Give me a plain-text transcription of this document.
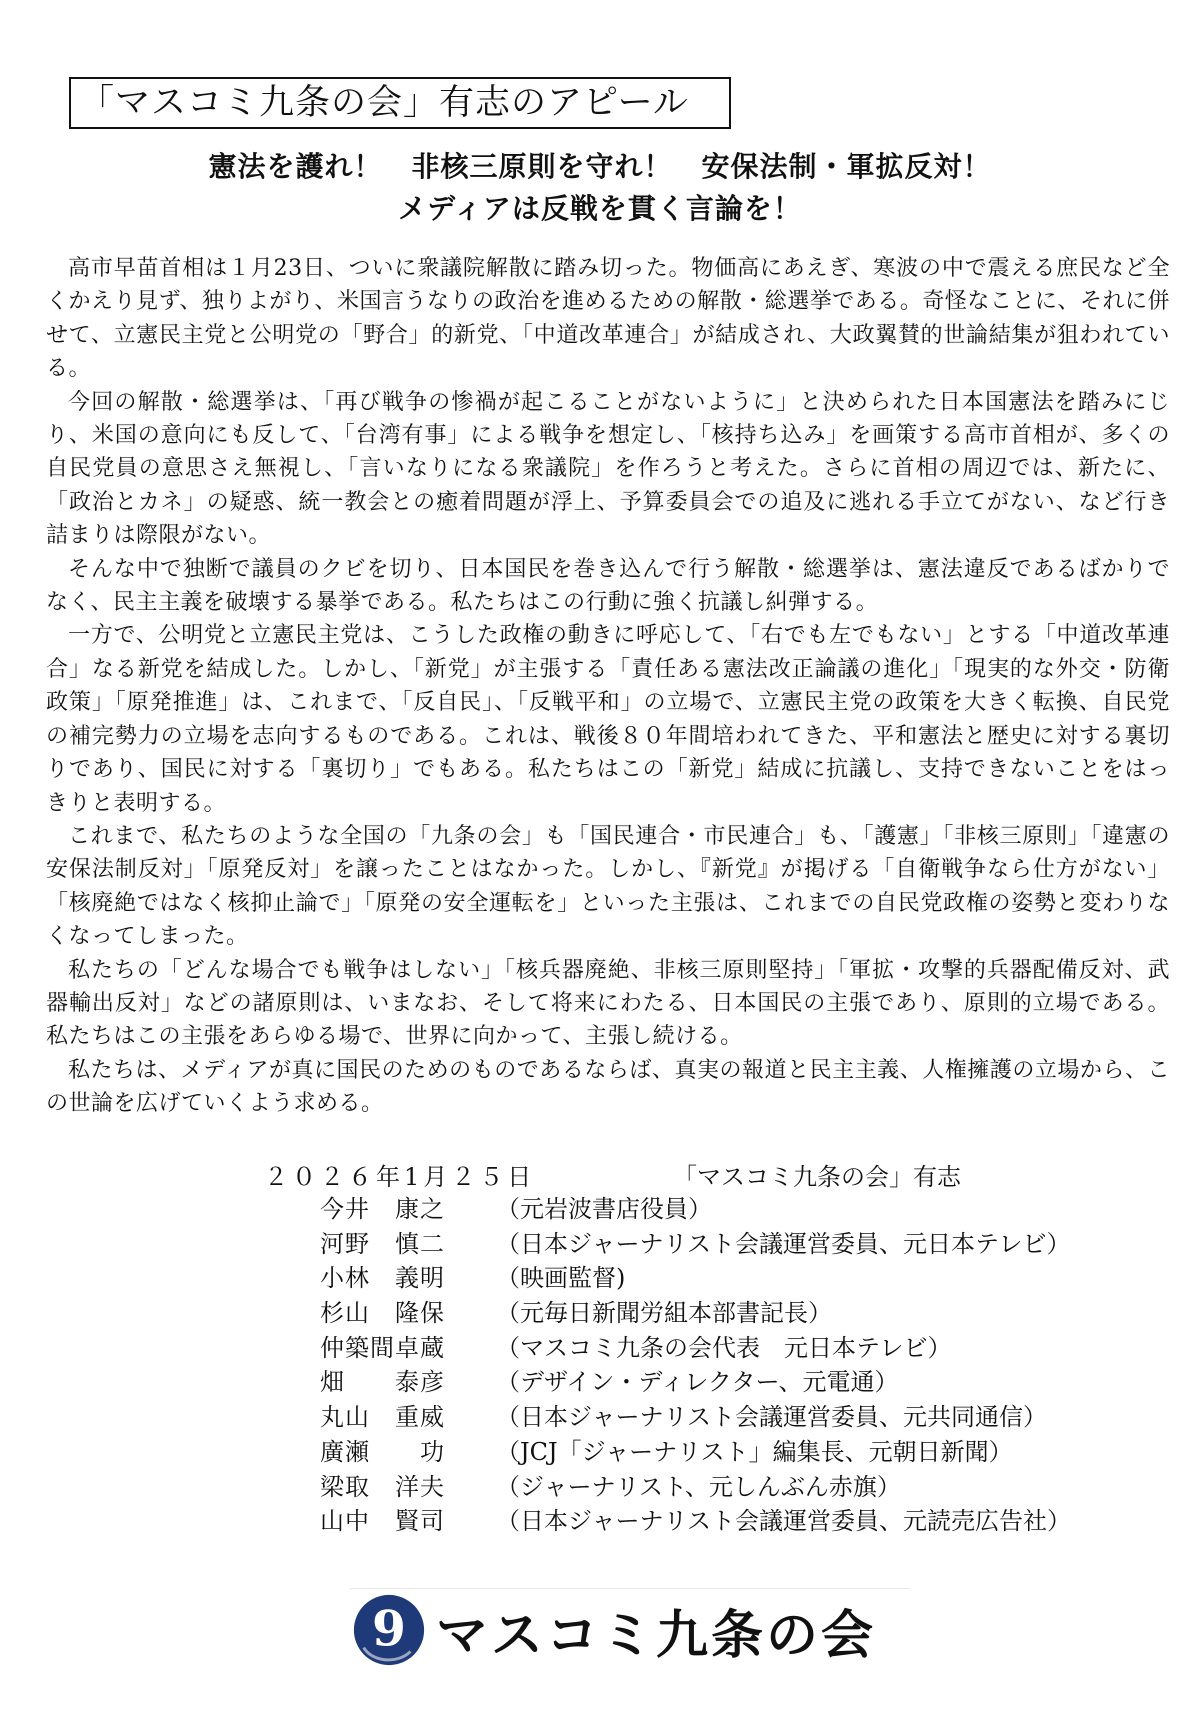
「マスコミ九条の会」有志のアピール
憲法を護れ！　非核三原則を守れ！　安保法制・軍拡反対！
メディアは反戦を貫く言論を！

高市早苗首相は１月23日、ついに衆議院解散に踏み切った。物価高にあえぎ、寒波の中で震える庶民など全くかえり見ず、独りよがり、米国言うなりの政治を進めるための解散・総選挙である。奇怪なことに、それに併せて、立憲民主党と公明党の「野合」的新党、「中道改革連合」が結成され、大政翼賛的世論結集が狙われている。

今回の解散・総選挙は、「再び戦争の惨禍が起こることがないように」と決められた日本国憲法を踏みにじり、米国の意向にも反して、「台湾有事」による戦争を想定し、「核持ち込み」を画策する高市首相が、多くの自民党員の意思さえ無視し、「言いなりになる衆議院」を作ろうと考えた。さらに首相の周辺では、新たに、「政治とカネ」の疑惑、統一教会との癒着問題が浮上、予算委員会での追及に逃れる手立てがない、など行き詰まりは際限がない。

そんな中で独断で議員のクビを切り、日本国民を巻き込んで行う解散・総選挙は、憲法違反であるばかりでなく、民主主義を破壊する暴挙である。私たちはこの行動に強く抗議し糾弾する。

一方で、公明党と立憲民主党は、こうした政権の動きに呼応して、「右でも左でもない」とする「中道改革連合」なる新党を結成した。しかし、「新党」が主張する「責任ある憲法改正論議の進化」「現実的な外交・防衛政策」「原発推進」は、これまで、「反自民」、「反戦平和」の立場で、立憲民主党の政策を大きく転換、自民党の補完勢力の立場を志向するものである。これは、戦後８０年間培われてきた、平和憲法と歴史に対する裏切りであり、国民に対する「裏切り」でもある。私たちはこの「新党」結成に抗議し、支持できないことをはっきりと表明する。

これまで、私たちのような全国の「九条の会」も「国民連合・市民連合」も、「護憲」「非核三原則」「違憲の安保法制反対」「原発反対」を譲ったことはなかった。しかし、『新党』が掲げる「自衛戦争なら仕方がない」「核廃絶ではなく核抑止論で」「原発の安全運転を」といった主張は、これまでの自民党政権の姿勢と変わりなくなってしまった。

私たちの「どんな場合でも戦争はしない」「核兵器廃絶、非核三原則堅持」「軍拡・攻撃的兵器配備反対、武器輸出反対」などの諸原則は、いまなお、そして将来にわたる、日本国民の主張であり、原則的立場である。私たちはこの主張をあらゆる場で、世界に向かって、主張し続ける。

私たちは、メディアが真に国民のためのものであるならば、真実の報道と民主主義、人権擁護の立場から、この世論を広げていくよう求める。

２０２６年1月２５日	「マスコミ九条の会」有志
今井　康之	（元岩波書店役員）
河野　慎二	（日本ジャーナリスト会議運営委員、元日本テレビ）
小林　義明	（映画監督)
杉山　隆保	（元毎日新聞労組本部書記長）
仲築間卓蔵	（マスコミ九条の会代表　元日本テレビ）
畑　　泰彦	（デザイン・ディレクター、元電通）
丸山　重威	（日本ジャーナリスト会議運営委員、元共同通信）
廣瀬　　功	（JCJ「ジャーナリスト」編集長、元朝日新聞）
梁取　洋夫	（ジャーナリスト、元しんぶん赤旗）
山中　賢司	（日本ジャーナリスト会議運営委員、元読売広告社）
9 マスコミ九条の会
